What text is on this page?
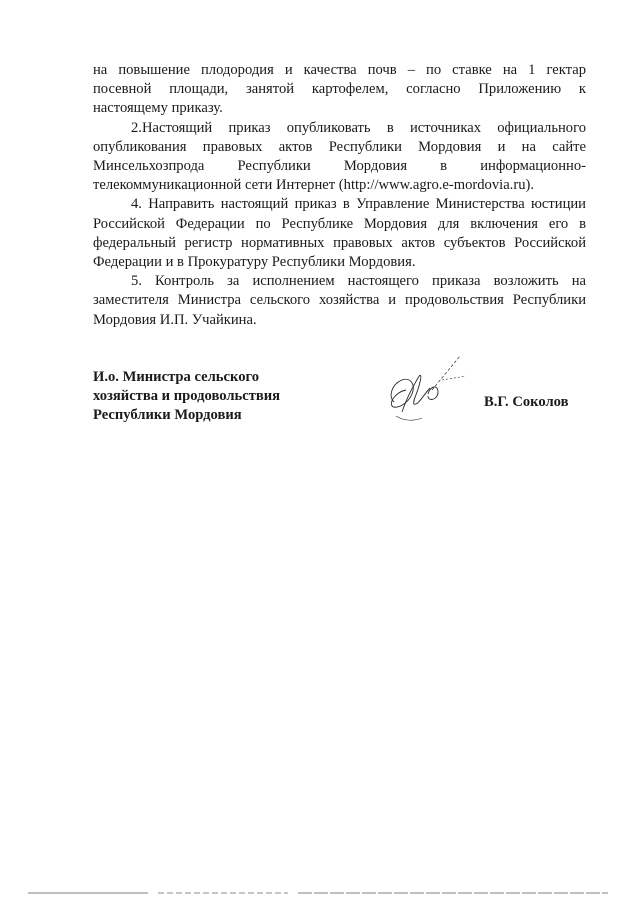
на повышение плодородия и качества почв – по ставке на 1 гектар
посевной площади, занятой картофелем, согласно Приложению к
настоящему приказу.
2.Настоящий приказ опубликовать в источниках официального
опубликования правовых актов Республики Мордовия и на сайте
Минсельхозпрода Республики Мордовия в информационно-
телекоммуникационной сети Интернет (http://www.agro.e-mordovia.ru).
4. Направить настоящий приказ в Управление Министерства юстиции
Российской Федерации по Республике Мордовия для включения его в
федеральный регистр нормативных правовых актов субъектов Российской
Федерации и в Прокуратуру Республики Мордовия.
5. Контроль за исполнением настоящего приказа возложить на
заместителя Министра сельского хозяйства и продовольствия Республики
Мордовия И.П. Учайкина.
И.о. Министра сельского
хозяйства и продовольствия
Республики Мордовия
В.Г. Соколов
